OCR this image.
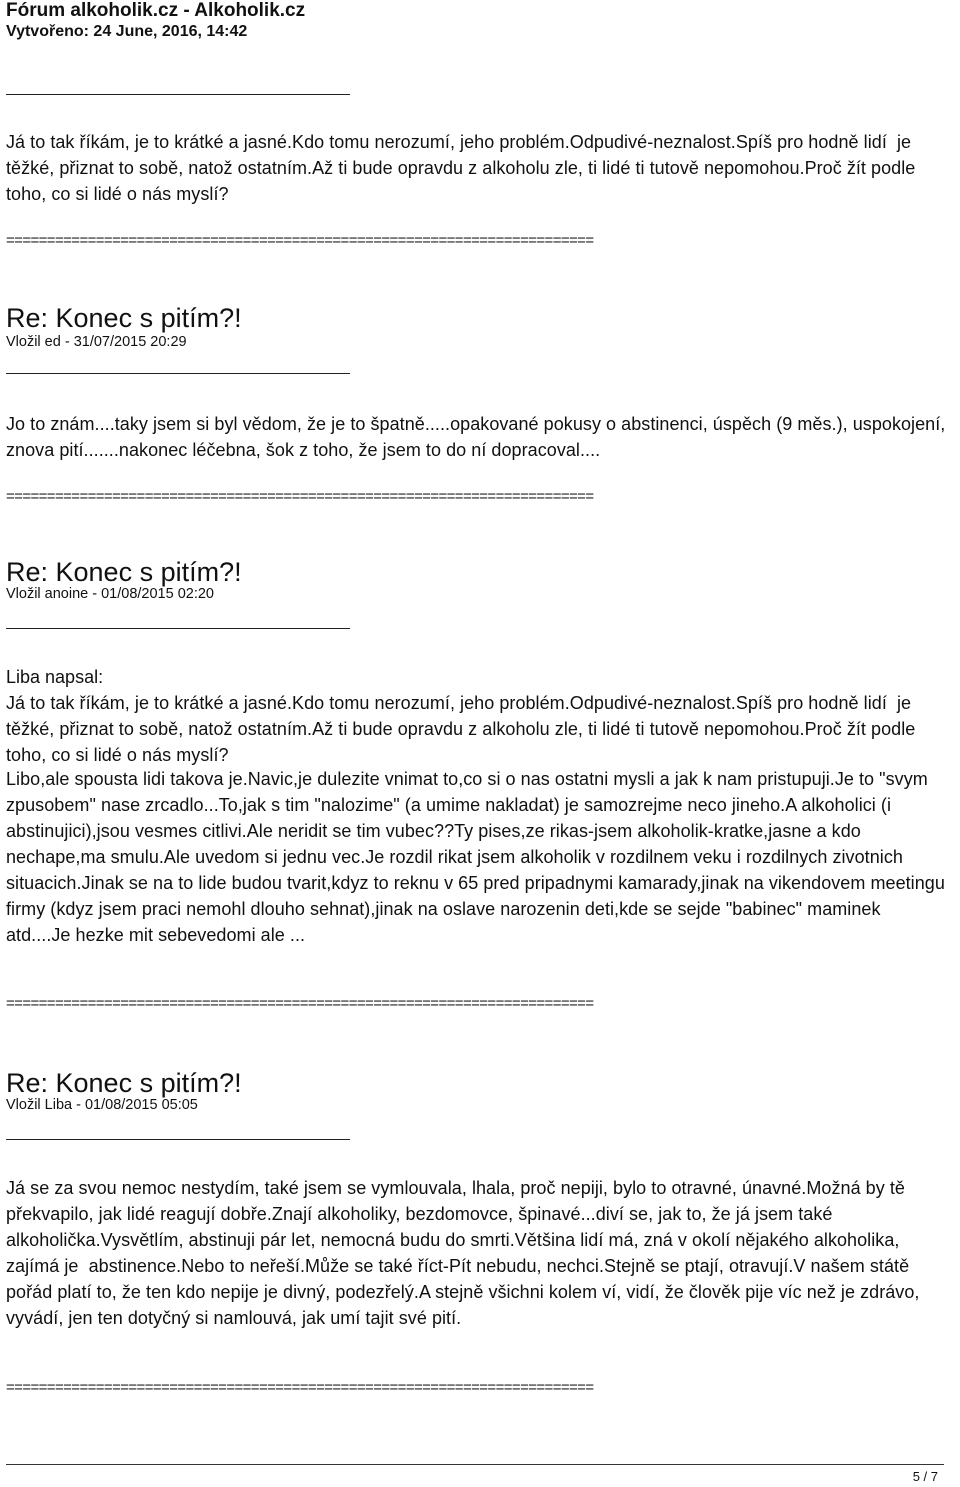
Fórum alkoholik.cz - Alkoholik.cz
Vytvořeno: 24 June, 2016, 14:42
Já to tak říkám, je to krátké a jasné.Kdo tomu nerozumí, jeho problém.Odpudivé-neznalost.Spíš pro hodně lidí  je těžké, přiznat to sobě, natož ostatním.Až ti bude opravdu z alkoholu zle, ti lidé ti tutově nepomohou.Proč žít podle toho, co si lidé o nás myslí?
========================================================================
Re: Konec s pitím?!
Vložil ed - 31/07/2015 20:29
Jo to znám....taky jsem si byl vědom, že je to špatně.....opakované pokusy o abstinenci, úspěch (9 měs.), uspokojení, znova pití.......nakonec léčebna, šok z toho, že jsem to do ní dopracoval....
========================================================================
Re: Konec s pitím?!
Vložil anoine - 01/08/2015 02:20
Liba napsal:
Já to tak říkám, je to krátké a jasné.Kdo tomu nerozumí, jeho problém.Odpudivé-neznalost.Spíš pro hodně lidí  je těžké, přiznat to sobě, natož ostatním.Až ti bude opravdu z alkoholu zle, ti lidé ti tutově nepomohou.Proč žít podle toho, co si lidé o nás myslí?
Libo,ale spousta lidi takova je.Navic,je dulezite vnimat to,co si o nas ostatni mysli a jak k nam pristupuji.Je to "svym zpusobem" nase zrcadlo...To,jak s tim "nalozime" (a umime nakladat) je samozrejme neco jineho.A alkoholici (i abstinujici),jsou vesmes citlivi.Ale neridit se tim vubec??Ty pises,ze rikas-jsem alkoholik-kratke,jasne a kdo nechape,ma smulu.Ale uvedom si jednu vec.Je rozdil rikat jsem alkoholik v rozdilnem veku i rozdilnych zivotnich situacich.Jinak se na to lide budou tvarit,kdyz to reknu v 65 pred pripadnymi kamarady,jinak na vikendovem meetingu firmy (kdyz jsem praci nemohl dlouho sehnat),jinak na oslave narozenin deti,kde se sejde "babinec" maminek atd....Je hezke mit sebevedomi ale ...
========================================================================
Re: Konec s pitím?!
Vložil Liba - 01/08/2015 05:05
Já se za svou nemoc nestydím, také jsem se vymlouvala, lhala, proč nepiji, bylo to otravné, únavné.Možná by tě překvapilo, jak lidé reagují dobře.Znají alkoholiky, bezdomovce, špinavé...diví se, jak to, že já jsem také alkoholička.Vysvětlím, abstinuji pár let, nemocná budu do smrti.Většina lidí má, zná v okolí nějakého alkoholika, zajímá je  abstinence.Nebo to neřeší.Může se také říct-Pít nebudu, nechci.Stejně se ptají, otravují.V našem státě pořád platí to, že ten kdo nepije je divný, podezřelý.A stejně všichni kolem ví, vidí, že člověk pije víc než je zdrávo, vyvádí, jen ten dotyčný si namlouvá, jak umí tajit své pití.
========================================================================
5 / 7
